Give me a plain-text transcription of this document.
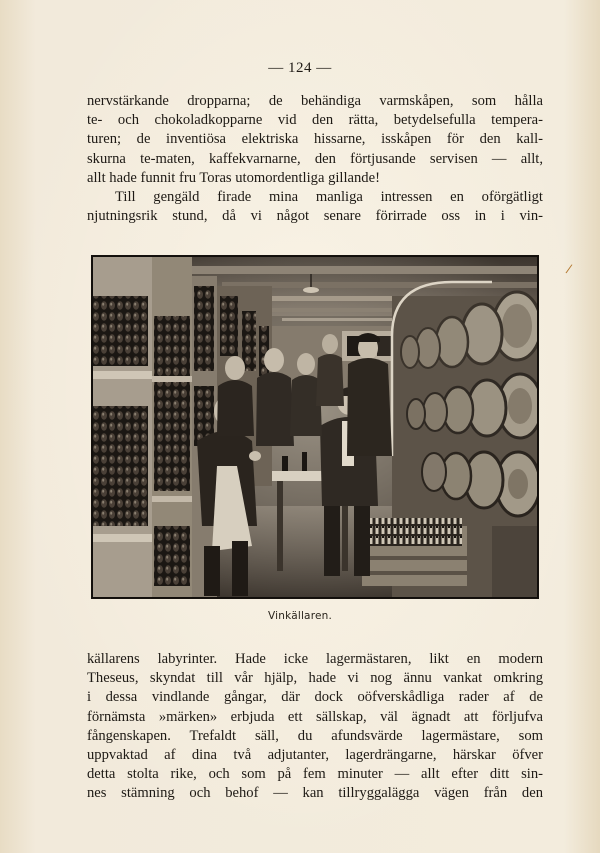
— 124 —
nervstärkande dropparna; de behändiga varmskåpen, som hålla
te- och chokoladkopparne vid den rätta, betydelsefulla tempera-
turen; de inventiösa elektriska hissarne, isskåpen för den kall-
skurna te-maten, kaffekvarnarne, den förtjusande servisen — allt,
allt hade funnit fru Toras utomordentliga gillande!
Till gengäld firade mina manliga intressen en oförgätligt
njutningsrik stund, då vi något senare förirrade oss in i vin-
/
Vinkällaren.
källarens labyrinter. Hade icke lagermästaren, likt en modern
Theseus, skyndat till vår hjälp, hade vi nog ännu vankat omkring
i dessa vindlande gångar, där dock oöfverskådliga rader af de
förnämsta »märken» erbjuda ett sällskap, väl ägnadt att förljufva
fångenskapen. Trefaldt säll, du afundsvärde lagermästare, som
uppvaktad af dina två adjutanter, lagerdrängarne, härskar öfver
detta stolta rike, och som på fem minuter — allt efter ditt sin-
nes stämning och behof — kan tillryggalägga vägen från den
